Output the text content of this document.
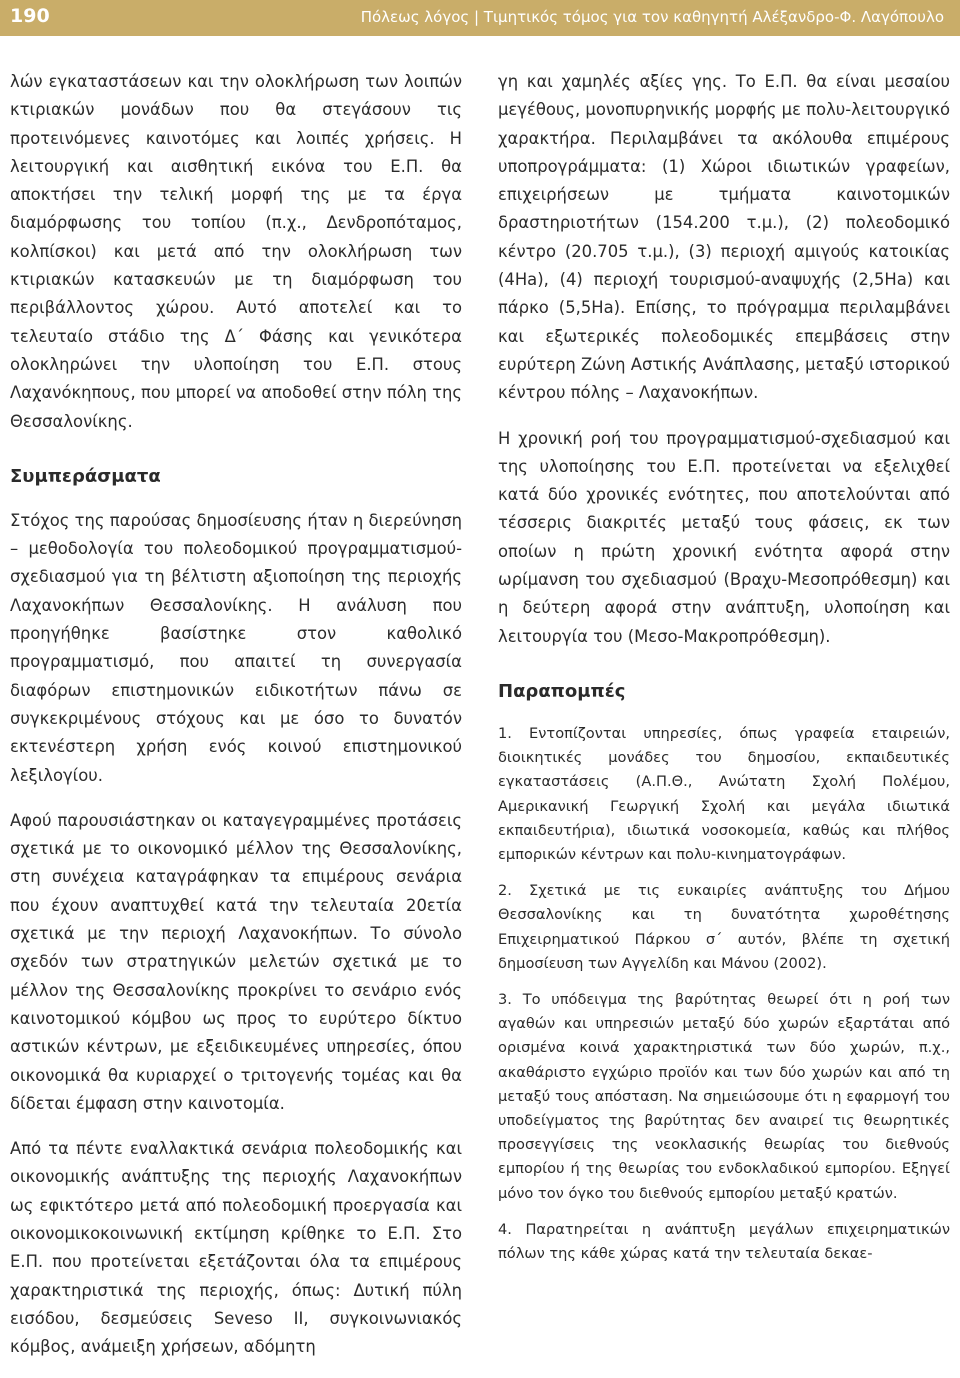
190	Πόλεως λόγος | Τιμητικός τόμος για τον καθηγητή Αλέξανδρο-Φ. Λαγόπουλο

λών εγκαταστάσεων και την ολοκλήρωση των λοιπών κτιριακών μονάδων που θα στεγάσουν τις προτεινόμενες καινοτόμες και λοιπές χρήσεις. Η λειτουργική και αισθητική εικόνα του Ε.Π. θα αποκτήσει την τελική μορφή της με τα έργα διαμόρφωσης του τοπίου (π.χ., Δενδροπόταμος, κολπίσκοι) και μετά από την ολοκλήρωση των κτιριακών κατασκευών με τη διαμόρφωση του περιβάλλοντος χώρου. Αυτό αποτελεί και το τελευταίο στάδιο της Δ΄ Φάσης και γενικότερα ολοκληρώνει την υλοποίηση του Ε.Π. στους Λαχανόκηπους, που μπορεί να αποδοθεί στην πόλη της Θεσσαλονίκης.

Συμπεράσματα

Στόχος της παρούσας δημοσίευσης ήταν η διερεύνηση – μεθοδολογία του πολεοδομικού προγραμματισμού-σχεδιασμού για τη βέλτιστη αξιοποίηση της περιοχής Λαχανοκήπων Θεσσαλονίκης. Η ανάλυση που προηγήθηκε βασίστηκε στον καθολικό προγραμματισμό, που απαιτεί τη συνεργασία διαφόρων επιστημονικών ειδικοτήτων πάνω σε συγκεκριμένους στόχους και με όσο το δυνατόν εκτενέστερη χρήση ενός κοινού επιστημονικού λεξιλογίου.

Αφού παρουσιάστηκαν οι καταγεγραμμένες προτάσεις σχετικά με το οικονομικό μέλλον της Θεσσαλονίκης, στη συνέχεια καταγράφηκαν τα επιμέρους σενάρια που έχουν αναπτυχθεί κατά την τελευταία 20ετία σχετικά με την περιοχή Λαχανοκήπων. Το σύνολο σχεδόν των στρατηγικών μελετών σχετικά με το μέλλον της Θεσσαλονίκης προκρίνει το σενάριο ενός καινοτομικού κόμβου ως προς το ευρύτερο δίκτυο αστικών κέντρων, με εξειδικευμένες υπηρεσίες, όπου οικονομικά θα κυριαρχεί ο τριτογενής τομέας και θα δίδεται έμφαση στην καινοτομία.

Από τα πέντε εναλλακτικά σενάρια πολεοδομικής και οικονομικής ανάπτυξης της περιοχής Λαχανοκήπων ως εφικτότερο μετά από πολεοδομική προεργασία και οικονομικοκοινωνική εκτίμηση κρίθηκε το Ε.Π. Στο Ε.Π. που προτείνεται εξετάζονται όλα τα επιμέρους χαρακτηριστικά της περιοχής, όπως: Δυτική πύλη εισόδου, δεσμεύσεις Seveso II, συγκοινωνιακός κόμβος, ανάμειξη χρήσεων, αδόμητη

γη και χαμηλές αξίες γης. Το Ε.Π. θα είναι μεσαίου μεγέθους, μονοπυρηνικής μορφής με πολυ-λειτουργικό χαρακτήρα. Περιλαμβάνει τα ακόλουθα επιμέρους υποπρογράμματα: (1) Χώροι ιδιωτικών γραφείων, επιχειρήσεων με τμήματα καινοτομικών δραστηριοτήτων (154.200 τ.μ.), (2) πολεοδομικό κέντρο (20.705 τ.μ.), (3) περιοχή αμιγούς κατοικίας (4Ha), (4) περιοχή τουρισμού-αναψυχής (2,5Ha) και πάρκο (5,5Ha). Επίσης, το πρόγραμμα περιλαμβάνει και εξωτερικές πολεοδομικές επεμβάσεις στην ευρύτερη Ζώνη Αστικής Ανάπλασης, μεταξύ ιστορικού κέντρου πόλης – Λαχανοκήπων.

Η χρονική ροή του προγραμματισμού-σχεδιασμού και της υλοποίησης του Ε.Π. προτείνεται να εξελιχθεί κατά δύο χρονικές ενότητες, που αποτελούνται από τέσσερις διακριτές μεταξύ τους φάσεις, εκ των οποίων η πρώτη χρονική ενότητα αφορά στην ωρίμανση του σχεδιασμού (Βραχυ-Μεσοπρόθεσμη) και η δεύτερη αφορά στην ανάπτυξη, υλοποίηση και λειτουργία του (Μεσο-Μακροπρόθεσμη).

Παραπομπές

1. Εντοπίζονται υπηρεσίες, όπως γραφεία εταιρειών, διοικητικές μονάδες του δημοσίου, εκπαιδευτικές εγκαταστάσεις (Α.Π.Θ., Ανώτατη Σχολή Πολέμου, Αμερικανική Γεωργική Σχολή και μεγάλα ιδιωτικά εκπαιδευτήρια), ιδιωτικά νοσοκομεία, καθώς και πλήθος εμπορικών κέντρων και πολυ-κινηματογράφων.

2. Σχετικά με τις ευκαιρίες ανάπτυξης του Δήμου Θεσσαλονίκης και τη δυνατότητα χωροθέτησης Επιχειρηματικού Πάρκου σ΄ αυτόν, βλέπε τη σχετική δημοσίευση των Αγγελίδη και Μάνου (2002).

3. Το υπόδειγμα της βαρύτητας θεωρεί ότι η ροή των αγαθών και υπηρεσιών μεταξύ δύο χωρών εξαρτάται από ορισμένα κοινά χαρακτηριστικά των δύο χωρών, π.χ., ακαθάριστο εγχώριο προϊόν και των δύο χωρών και από τη μεταξύ τους απόσταση. Να σημειώσουμε ότι η εφαρμογή του υποδείγματος της βαρύτητας δεν αναιρεί τις θεωρητικές προσεγγίσεις της νεοκλασικής θεωρίας του διεθνούς εμπορίου ή της θεωρίας του ενδοκλαδικού εμπορίου. Εξηγεί μόνο τον όγκο του διεθνούς εμπορίου μεταξύ κρατών.

4. Παρατηρείται η ανάπτυξη μεγάλων επιχειρηματικών πόλων της κάθε χώρας κατά την τελευταία δεκαε-
